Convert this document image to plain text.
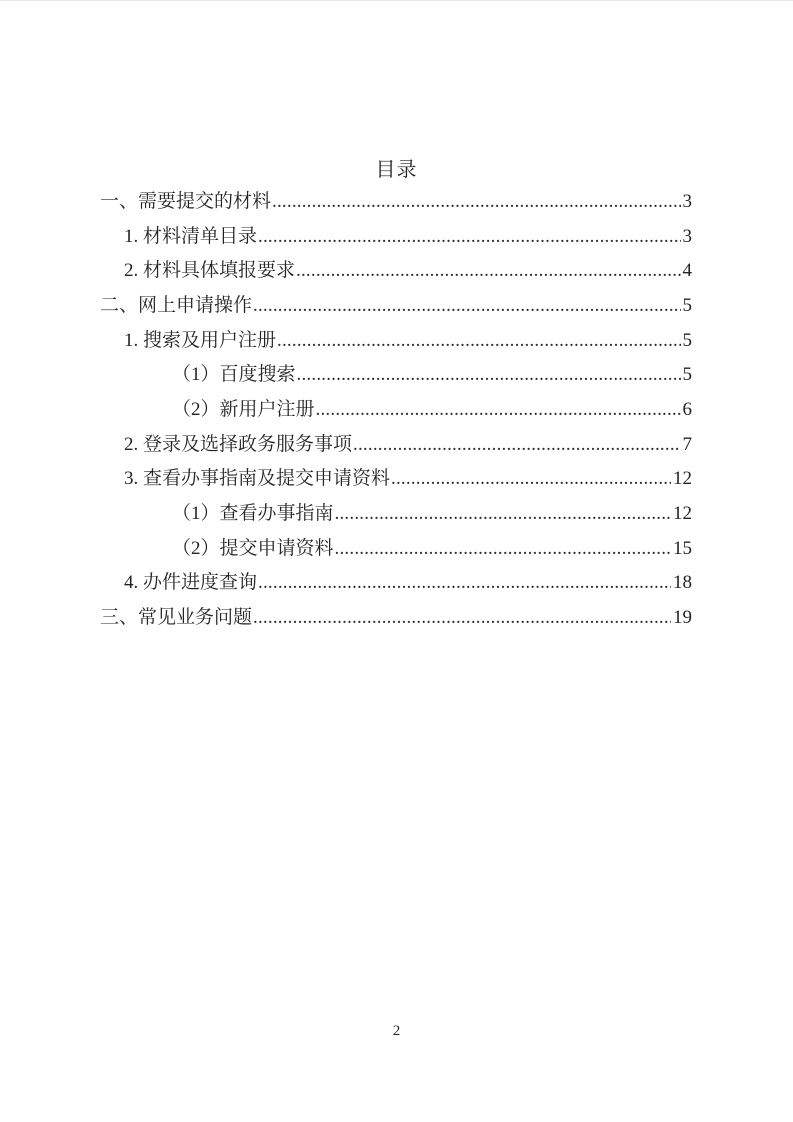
目录
一、需要提交的材料 .....	3
1. 材料清单目录 .....	3
2. 材料具体填报要求 .....	4
二、网上申请操作 .....	5
1. 搜索及用户注册 .....	5
（1）百度搜索 .....	5
（2）新用户注册 .....	6
2. 登录及选择政务服务事项 .....	7
3. 查看办事指南及提交申请资料 .....	12
（1）查看办事指南 .....	12
（2）提交申请资料 .....	15
4. 办件进度查询 .....	18
三、常见业务问题 .....	19
2
